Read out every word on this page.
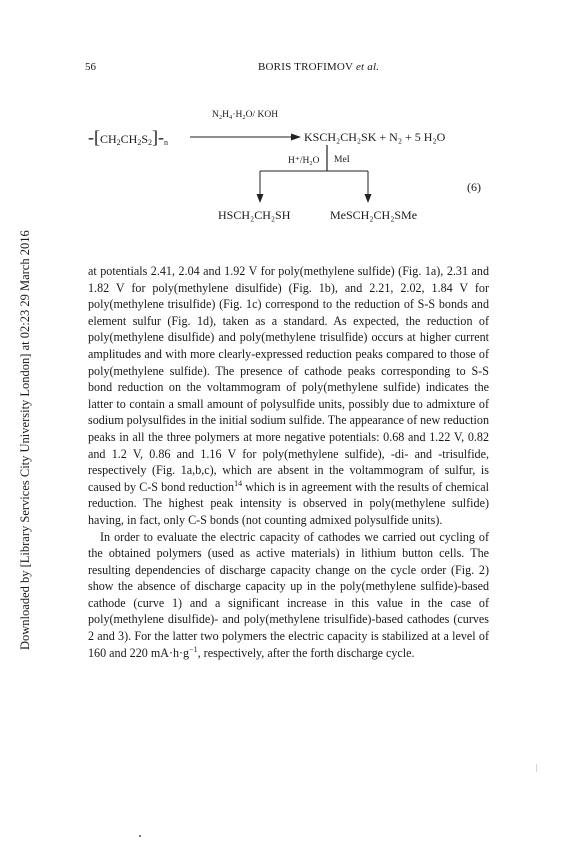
56	BORIS TROFIMOV et al.
Downloaded by [Library Services City University London] at 02:23 29 March 2016
$-[CH_2CH_2S_2]-_n$
N₂H₄·H₂O/ KOH
KSCH₂CH₂SK + N₂ + 5 H₂O
H⁺/H₂O MeI
(6)
HSCH₂CH₂SH	MeSCH₂CH₂SMe

at potentials 2.41, 2.04 and 1.92 V for poly(methylene sulfide) (Fig. 1a), 2.31 and 1.82 V for poly(methylene disulfide) (Fig. 1b), and 2.21, 2.02, 1.84 V for poly(methylene trisulfide) (Fig. 1c) correspond to the reduction of S-S bonds and element sulfur (Fig. 1d), taken as a standard. As expected, the reduction of poly(methylene disulfide) and poly(methylene trisulfide) occurs at higher current amplitudes and with more clearly-expressed reduction peaks compared to those of poly(methylene sulfide). The presence of cathode peaks corresponding to S-S bond reduction on the voltammogram of poly(methylene sulfide) indicates the latter to contain a small amount of polysulfide units, possibly due to admixture of sodium polysulfides in the initial sodium sulfide. The appearance of new reduction peaks in all the three polymers at more negative potentials: 0.68 and 1.22 V, 0.82 and 1.2 V, 0.86 and 1.16 V for poly(methylene sulfide), -di- and -trisulfide, respectively (Fig. 1a,b,c), which are absent in the voltammogram of sulfur, is caused by C-S bond reduction$^{14}$ which is in agreement with the results of chemical reduction. The highest peak intensity is observed in poly(methylene sulfide) having, in fact, only C-S bonds (not counting admixed polysulfide units).

In order to evaluate the electric capacity of cathodes we carried out cycling of the obtained polymers (used as active materials) in lithium button cells. The resulting dependencies of discharge capacity change on the cycle order (Fig. 2) show the absence of discharge capacity up in the poly(methylene sulfide)-based cathode (curve 1) and a significant increase in this value in the case of poly(methylene disulfide)- and poly(methylene trisulfide)-based cathodes (curves 2 and 3). For the latter two polymers the electric capacity is stabilized at a level of 160 and 220 $mA\cdot h\cdot g^{-1}$, respectively, after the forth discharge cycle.
